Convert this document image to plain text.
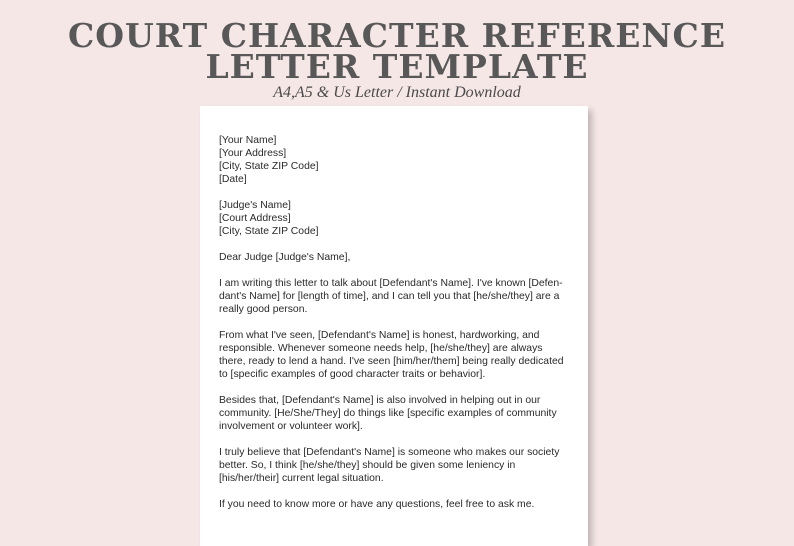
COURT CHARACTER REFERENCE
LETTER TEMPLATE
A4,A5 & Us Letter / Instant Download
[Your Name]
[Your Address]
[City, State ZIP Code]
[Date]
[Judge's Name]
[Court Address]
[City, State ZIP Code]

Dear Judge [Judge's Name],

I am writing this letter to talk about [Defendant's Name]. I've known [Defen-
dant's Name] for [length of time], and I can tell you that [he/she/they] are a
really good person.

From what I've seen, [Defendant's Name] is honest, hardworking, and
responsible. Whenever someone needs help, [he/she/they] are always
there, ready to lend a hand. I've seen [him/her/them] being really dedicated
to [specific examples of good character traits or behavior].

Besides that, [Defendant's Name] is also involved in helping out in our
community. [He/She/They] do things like [specific examples of community
involvement or volunteer work].

I truly believe that [Defendant's Name] is someone who makes our society
better. So, I think [he/she/they] should be given some leniency in
[his/her/their] current legal situation.

If you need to know more or have any questions, feel free to ask me.
